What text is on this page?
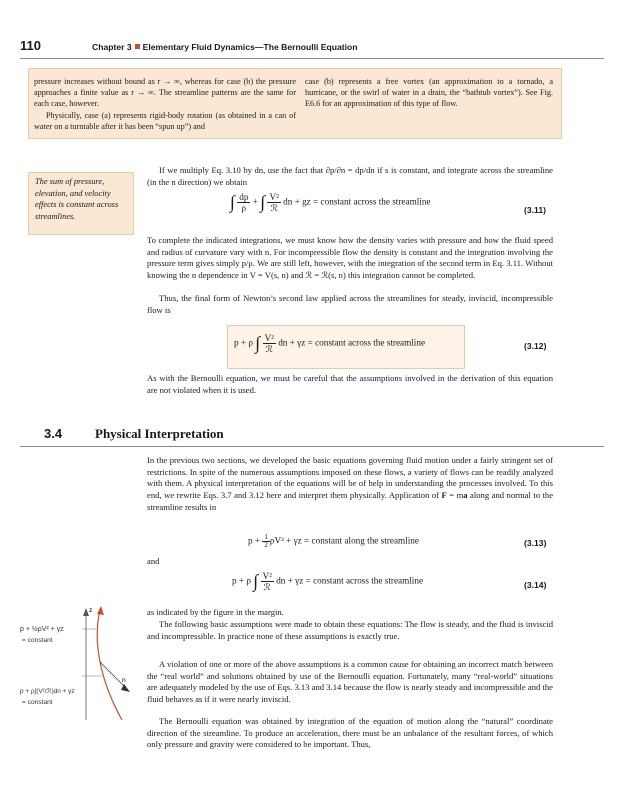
110	Chapter 3 Elementary Fluid Dynamics—The Bernoulli Equation
pressure increases without bound as r → ∞, whereas for case (b) the pressure approaches a finite value as r → ∞. The streamline patterns are the same for each case, however.
Physically, case (a) represents rigid-body rotation (as obtained in a can of water on a turntable after it has been “spun up”) and
case (b) represents a free vortex (an approximation to a tornado, a hurricane, or the swirl of water in a drain, the “bathtub vortex”). See Fig. E6.6 for an approximation of this type of flow.
The sum of pressure, elevation, and velocity effects is constant across streamlines.
If we multiply Eq. 3.10 by dn, use the fact that ∂p/∂n = dp/dn if s is constant, and integrate across the streamline (in the n direction) we obtain
∫ $\frac{dp}{\rho}$ + ∫ $\frac{\text{V²}}{\text{ℛ}}$ dn + gz = constant across the streamline
(3.11)
To complete the indicated integrations, we must know how the density varies with pressure and how the fluid speed and radius of curvature vary with n. For incompressible flow the density is constant and the integration involving the pressure term gives simply p/ρ. We are still left, however, with the integration of the second term in Eq. 3.11. Without knowing the n dependence in V = V(s, n) and ℛ = ℛ(s, n) this integration cannot be completed.
Thus, the final form of Newton’s second law applied across the streamlines for steady, inviscid, incompressible flow is
p + ρ ∫ $\frac{\text{V²}}{\text{ℛ}}$ dn + γz = constant across the streamline	(3.12)
As with the Bernoulli equation, we must be careful that the assumptions involved in the derivation of this equation are not violated when it is used.
3.4	Physical Interpretation
In the previous two sections, we developed the basic equations governing fluid motion under a fairly stringent set of restrictions. In spite of the numerous assumptions imposed on these flows, a variety of flows can be readily analyzed with them. A physical interpretation of the equations will be of help in understanding the processes involved. To this end, we rewrite Eqs. 3.7 and 3.12 here and interpret them physically. Application of F = ma along and normal to the streamline results in
$p + \frac{1}{2} \rho V^2 + \gamma z$ = constant along the streamline	(3.13)
and
p + ρ ∫ $\frac{\text{V²}}{\text{ℛ}}$ dn + γz = constant across the streamline	(3.14)
as indicated by the figure in the margin.
The following basic assumptions were made to obtain these equations: The flow is steady, and the fluid is inviscid and incompressible. In practice none of these assumptions is exactly true.
A violation of one or more of the above assumptions is a common cause for obtaining an incorrect match between the “real world” and solutions obtained by use of the Bernoulli equation. Fortunately, many “real-world” situations are adequately modeled by the use of Eqs. 3.13 and 3.14 because the flow is nearly steady and incompressible and the fluid behaves as if it were nearly inviscid.
The Bernoulli equation was obtained by integration of the equation of motion along the “natural” coordinate direction of the streamline. To produce an acceleration, there must be an unbalance of the resultant forces, of which only pressure and gravity were considered to be important. Thus,
z
n
p + ½ρV² + γz
= constant
p + ρ∫(V²/ℛ)dn + γz
= constant
